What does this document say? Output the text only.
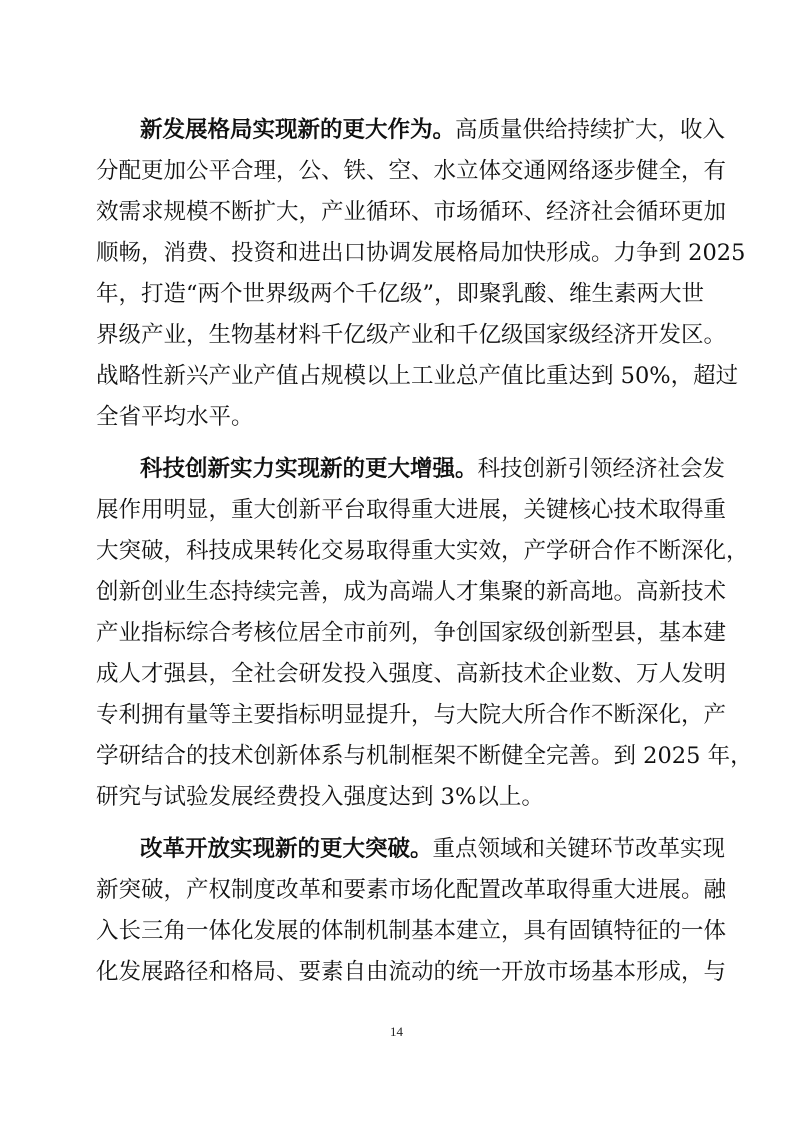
新发展格局实现新的更大作为。高质量供给持续扩大，收入
分配更加公平合理，公、铁、空、水立体交通网络逐步健全，有
效需求规模不断扩大，产业循环、市场循环、经济社会循环更加
顺畅，消费、投资和进出口协调发展格局加快形成。力争到 2025
年，打造“两个世界级两个千亿级”，即聚乳酸、维生素两大世
界级产业，生物基材料千亿级产业和千亿级国家级经济开发区。
战略性新兴产业产值占规模以上工业总产值比重达到 50%，超过
全省平均水平。
科技创新实力实现新的更大增强。科技创新引领经济社会发
展作用明显，重大创新平台取得重大进展，关键核心技术取得重
大突破，科技成果转化交易取得重大实效，产学研合作不断深化，
创新创业生态持续完善，成为高端人才集聚的新高地。高新技术
产业指标综合考核位居全市前列，争创国家级创新型县，基本建
成人才强县，全社会研发投入强度、高新技术企业数、万人发明
专利拥有量等主要指标明显提升，与大院大所合作不断深化，产
学研结合的技术创新体系与机制框架不断健全完善。到 2025 年，
研究与试验发展经费投入强度达到 3%以上。
改革开放实现新的更大突破。重点领域和关键环节改革实现
新突破，产权制度改革和要素市场化配置改革取得重大进展。融
入长三角一体化发展的体制机制基本建立，具有固镇特征的一体
化发展路径和格局、要素自由流动的统一开放市场基本形成，与
14
